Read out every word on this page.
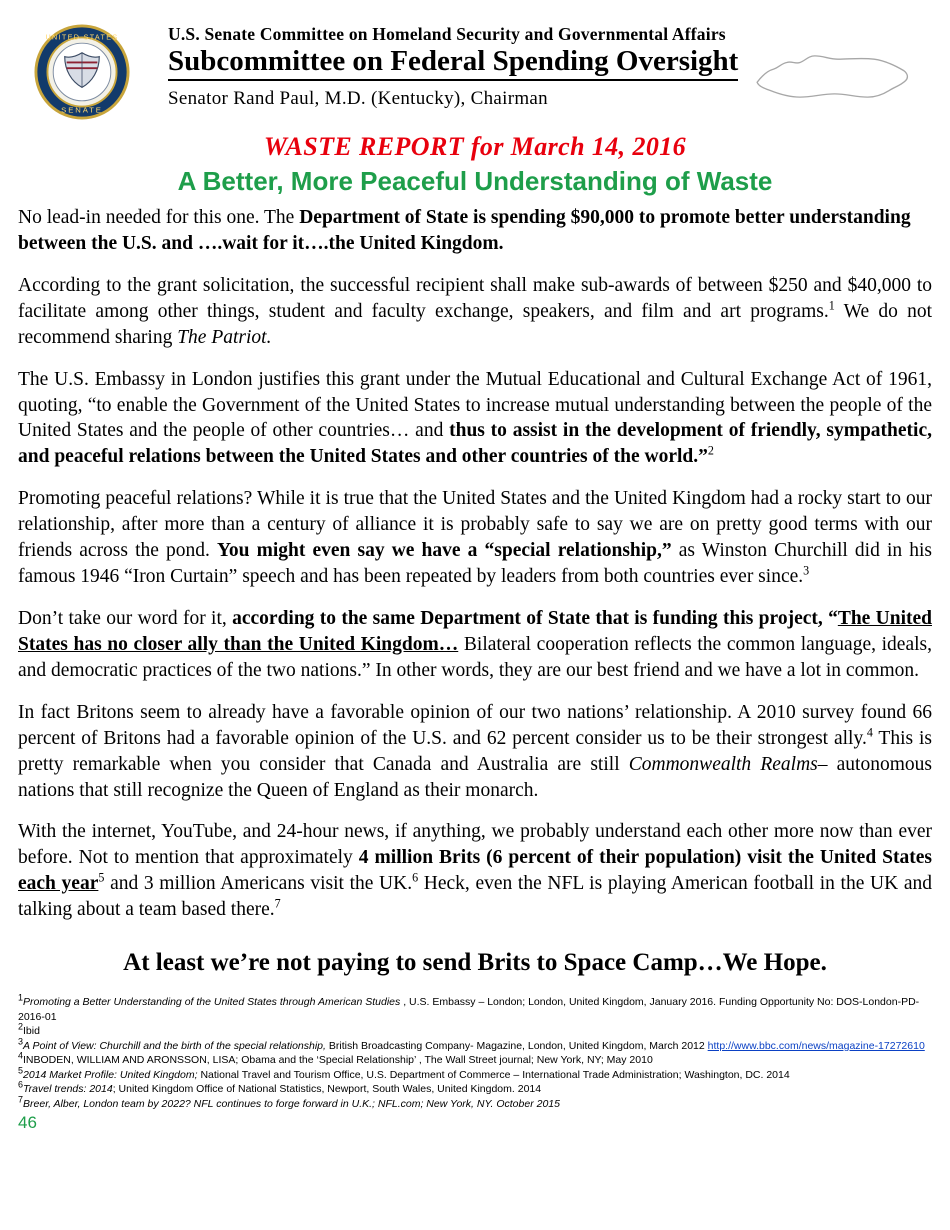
UNITED STATES
SENATE
U.S. Senate Committee on Homeland Security and Governmental Affairs
Subcommittee on Federal Spending Oversight
Senator Rand Paul, M.D. (Kentucky), Chairman
WASTE REPORT for March 14, 2016
A Better, More Peaceful Understanding of Waste

No lead-in needed for this one. The Department of State is spending $90,000 to promote better understanding between the U.S. and ….wait for it….the United Kingdom.

According to the grant solicitation, the successful recipient shall make sub-awards of between $250 and $40,000 to facilitate among other things, student and faculty exchange, speakers, and film and art programs.$^1$ We do not recommend sharing The Patriot.

The U.S. Embassy in London justifies this grant under the Mutual Educational and Cultural Exchange Act of 1961, quoting, “to enable the Government of the United States to increase mutual understanding between the people of the United States and the people of other countries… and thus to assist in the development of friendly, sympathetic, and peaceful relations between the United States and other countries of the world.”$^2$

Promoting peaceful relations? While it is true that the United States and the United Kingdom had a rocky start to our relationship, after more than a century of alliance it is probably safe to say we are on pretty good terms with our friends across the pond. You might even say we have a “special relationship,” as Winston Churchill did in his famous 1946 “Iron Curtain” speech and has been repeated by leaders from both countries ever since.$^3$

Don’t take our word for it, according to the same Department of State that is funding this project, “The United States has no closer ally than the United Kingdom… Bilateral cooperation reflects the common language, ideals, and democratic practices of the two nations.” In other words, they are our best friend and we have a lot in common.

In fact Britons seem to already have a favorable opinion of our two nations’ relationship. A 2010 survey found 66 percent of Britons had a favorable opinion of the U.S. and 62 percent consider us to be their strongest ally.$^4$ This is pretty remarkable when you consider that Canada and Australia are still Commonwealth Realms– autonomous nations that still recognize the Queen of England as their monarch.

With the internet, YouTube, and 24-hour news, if anything, we probably understand each other more now than ever before. Not to mention that approximately 4 million Brits (6 percent of their population) visit the United States each year$^5$ and 3 million Americans visit the UK.$^6$ Heck, even the NFL is playing American football in the UK and talking about a team based there.$^7$

At least we’re not paying to send Brits to Space Camp…We Hope.
$^1$Promoting a Better Understanding of the United States through American Studies , U.S. Embassy – London; London, United Kingdom, January 2016. Funding Opportunity No: DOS-London-PD-2016-01
$^2$Ibid
$^3$A Point of View: Churchill and the birth of the special relationship, British Broadcasting Company- Magazine, London, United Kingdom, March 2012 http://www.bbc.com/news/magazine-17272610
$^4$INBODEN, WILLIAM AND ARONSSON, LISA; Obama and the ‘Special Relationship’ , The Wall Street journal; New York, NY; May 2010
$^5$2014 Market Profile: United Kingdom; National Travel and Tourism Office, U.S. Department of Commerce – International Trade Administration; Washington, DC. 2014
$^6$Travel trends: 2014; United Kingdom Office of National Statistics, Newport, South Wales, United Kingdom. 2014
$^7$Breer, Alber, London team by 2022? NFL continues to forge forward in U.K.; NFL.com; New York, NY. October 2015
46
